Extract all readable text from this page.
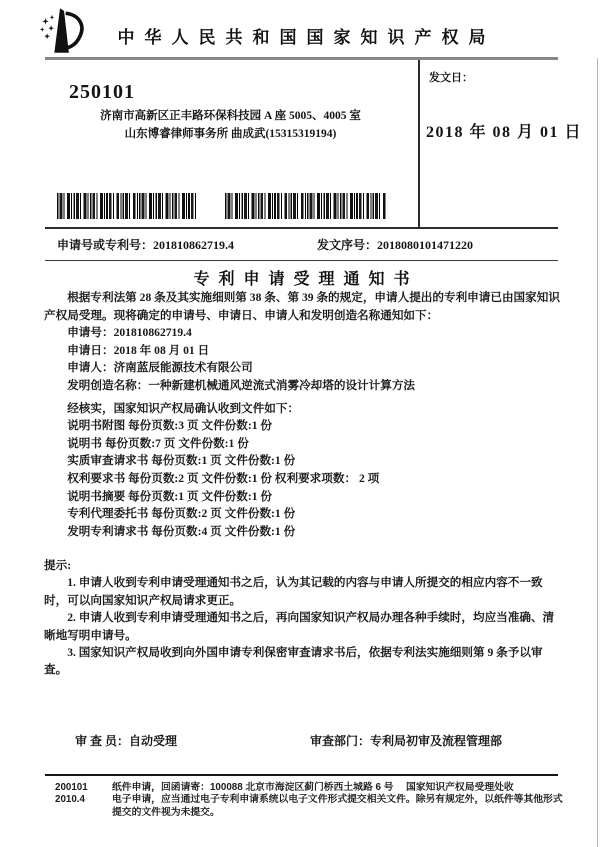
中华人民共和国国家知识产权局
250101
济南市高新区正丰路环保科技园 A 座 5005、4005 室
山东博睿律师事务所 曲成武(15315319194)
发文日：
2018 年 08 月 01 日
申请号或专利号：201810862719.4	发文序号：2018080101471220
专利申请受理通知书

根据专利法第 28 条及其实施细则第 38 条、第 39 条的规定，申请人提出的专利申请已由国家知识产权局受理。现将确定的申请号、申请日、申请人和发明创造名称通知如下：

申请号：201810862719.4
申请日：2018 年 08 月 01 日
申请人：济南蓝辰能源技术有限公司
发明创造名称：一种新建机械通风逆流式消雾冷却塔的设计计算方法
经核实，国家知识产权局确认收到文件如下：
说明书附图 每份页数:3 页 文件份数:1 份
说明书 每份页数:7 页 文件份数:1 份
实质审查请求书 每份页数:1 页 文件份数:1 份
权利要求书 每份页数:2 页 文件份数:1 份 权利要求项数： 2 项
说明书摘要 每份页数:1 页 文件份数:1 份
专利代理委托书 每份页数:2 页 文件份数:1 份
发明专利请求书 每份页数:4 页 文件份数:1 份
提示:

1. 申请人收到专利申请受理通知书之后，认为其记载的内容与申请人所提交的相应内容不一致时，可以向国家知识产权局请求更正。

2. 申请人收到专利申请受理通知书之后，再向国家知识产权局办理各种手续时，均应当准确、清晰地写明申请号。

3. 国家知识产权局收到向外国申请专利保密审查请求书后，依据专利法实施细则第 9 条予以审查。

审 查 员：自动受理	审查部门：专利局初审及流程管理部
200101	纸件申请，回函请寄：100088 北京市海淀区蓟门桥西土城路 6 号　 国家知识产权局受理处收
2010.4	电子申请，应当通过电子专利申请系统以电子文件形式提交相关文件。除另有规定外，以纸件等其他形式提交的文件视为未提交。
